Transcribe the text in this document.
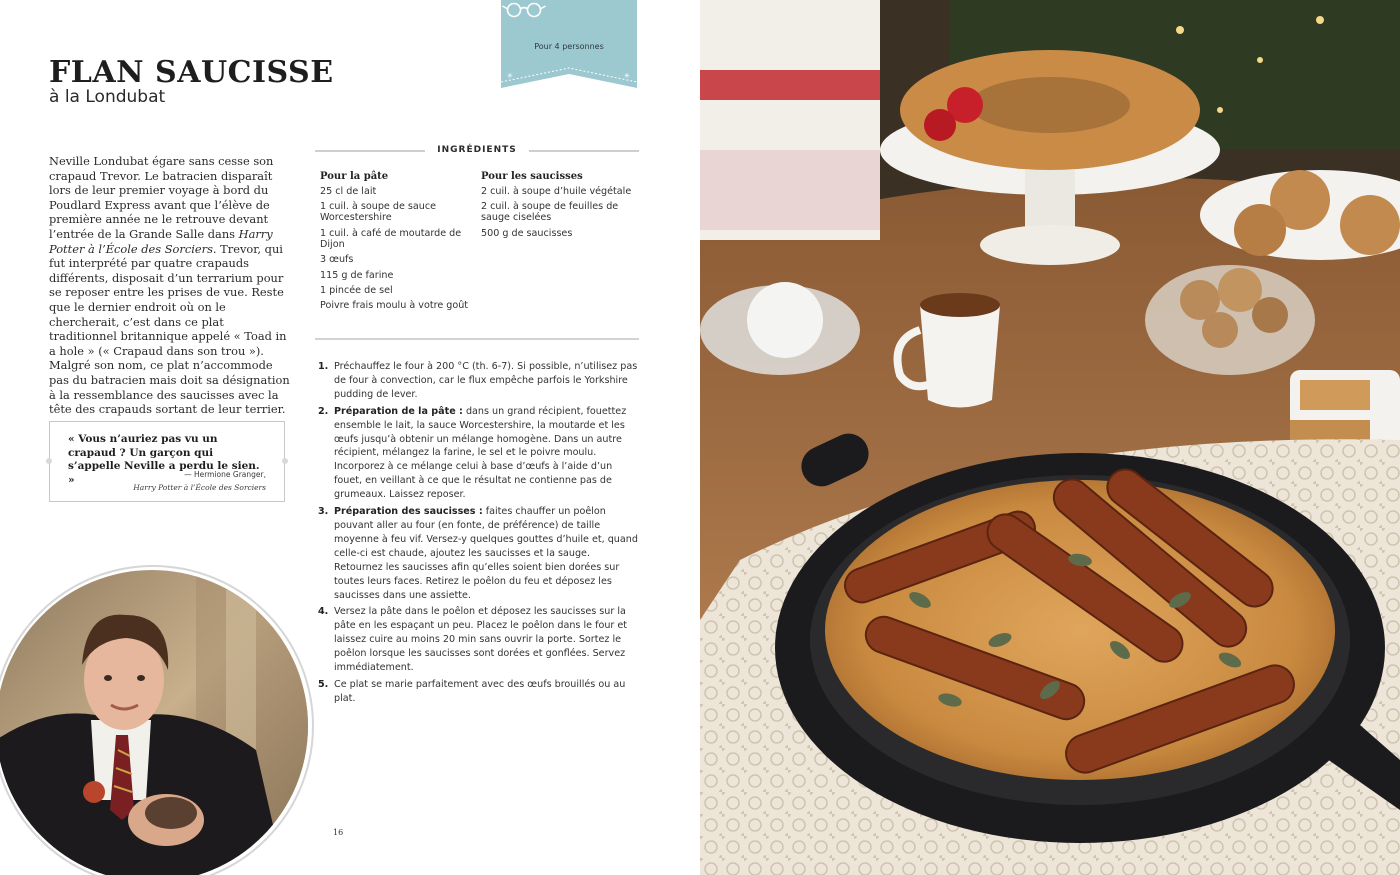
✳	✳
Pour 4 personnes
FLAN SAUCISSE
à la Londubat
Neville Londubat égare sans cesse son crapaud Trevor. Le batracien disparaît lors de leur premier voyage à bord du Poudlard Express avant que l’élève de première année ne le retrouve devant l’entrée de la Grande Salle dans Harry Potter à l’École des Sorciers. Trevor, qui fut interprété par quatre crapauds différents, disposait d’un terrarium pour se reposer entre les prises de vue. Reste que le dernier endroit où on le chercherait, c’est dans ce plat traditionnel britannique appelé « Toad in a hole » (« Crapaud dans son trou »). Malgré son nom, ce plat n’accommode pas du batracien mais doit sa désignation à la ressemblance des saucisses avec la tête des crapauds sortant de leur terrier.
« Vous n’auriez pas vu un crapaud ? Un garçon qui s’appelle Neville a perdu le sien. »	— Hermione Granger,
Harry Potter à l’École des Sorciers
INGRÉDIENTS
Pour la pâte
25 cl de lait
1 cuil. à soupe de sauce Worcestershire
1 cuil. à café de moutarde de Dijon
3 œufs
115 g de farine
1 pincée de sel
Poivre frais moulu à votre goût
Pour les saucisses
2 cuil. à soupe d’huile végétale
2 cuil. à soupe de feuilles de sauge ciselées
500 g de saucisses
1. Préchauffez le four à 200 °C (th. 6-7). Si possible, n’utilisez pas de four à convection, car le flux empêche parfois le Yorkshire pudding de lever.
2. Préparation de la pâte : dans un grand récipient, fouettez ensemble le lait, la sauce Worcestershire, la moutarde et les œufs jusqu’à obtenir un mélange homogène. Dans un autre récipient, mélangez la farine, le sel et le poivre moulu. Incorporez à ce mélange celui à base d’œufs à l’aide d’un fouet, en veillant à ce que le résultat ne contienne pas de grumeaux. Laissez reposer.
3. Préparation des saucisses : faites chauffer un poêlon pouvant aller au four (en fonte, de préférence) de taille moyenne à feu vif. Versez-y quelques gouttes d’huile et, quand celle-ci est chaude, ajoutez les saucisses et la sauge. Retournez les saucisses afin qu’elles soient bien dorées sur toutes leurs faces. Retirez le poêlon du feu et déposez les saucisses dans une assiette.
4. Versez la pâte dans le poêlon et déposez les saucisses sur la pâte en les espaçant un peu. Placez le poêlon dans le four et laissez cuire au moins 20 min sans ouvrir la porte. Sortez le poêlon lorsque les saucisses sont dorées et gonflées. Servez immédiatement.
5. Ce plat se marie parfaitement avec des œufs brouillés ou au plat.
16
